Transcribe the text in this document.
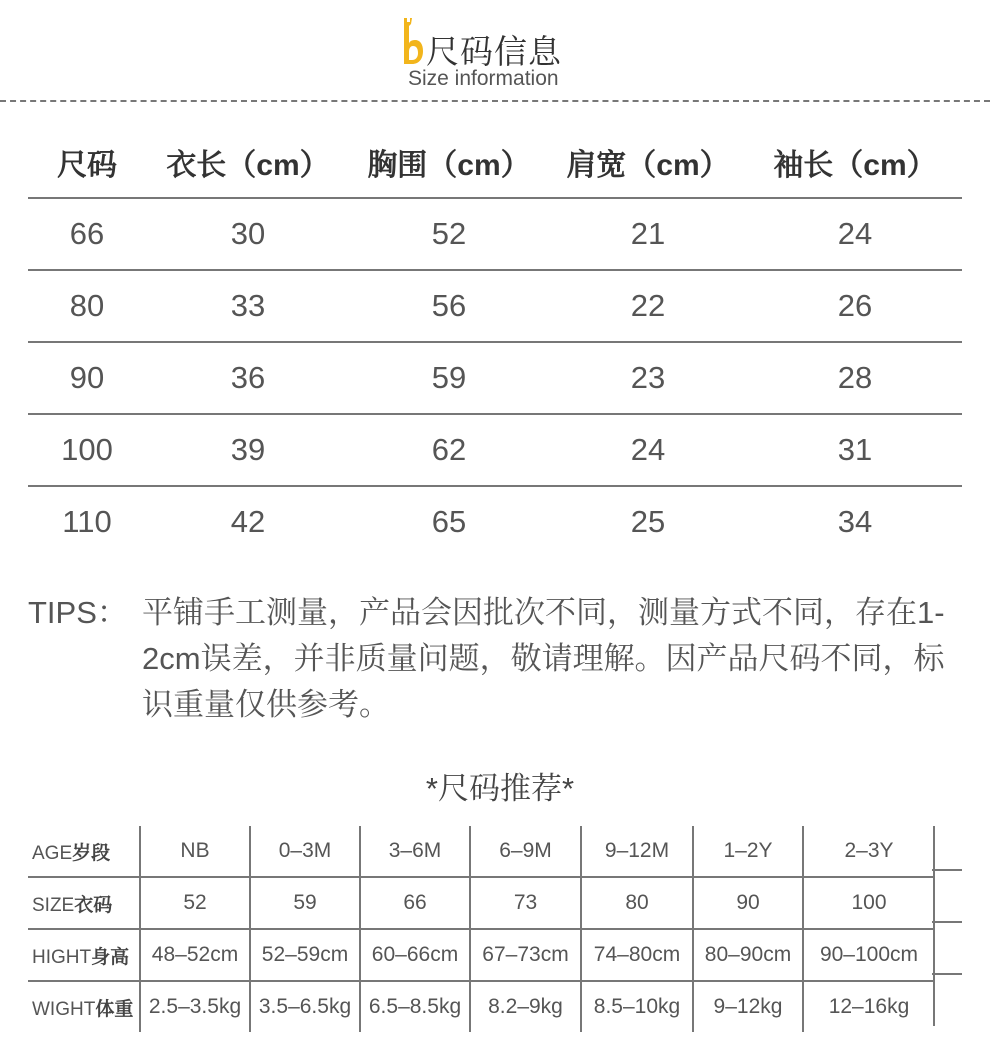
尺码信息
Size information
尺码	衣长（cm）	胸围（cm）	肩宽（cm）	袖长（cm）
66	30	52	21	24
80	33	56	22	26
90	36	59	23	28
100	39	62	24	31
110	42	65	25	34
TIPS： 平铺手工测量，产品会因批次不同，测量方式不同，存在1-2cm误差，并非质量问题，敬请理解。因产品尺码不同，标识重量仅供参考。
*尺码推荐*
AGE岁段	NB	0–3M	3–6M	6–9M	9–12M	1–2Y	2–3Y
SIZE衣码	52	59	66	73	80	90	100
HIGHT身高	48–52cm	52–59cm	60–66cm	67–73cm	74–80cm	80–90cm	90–100cm
WIGHT体重	2.5–3.5kg	3.5–6.5kg	6.5–8.5kg	8.2–9kg	8.5–10kg	9–12kg	12–16kg
